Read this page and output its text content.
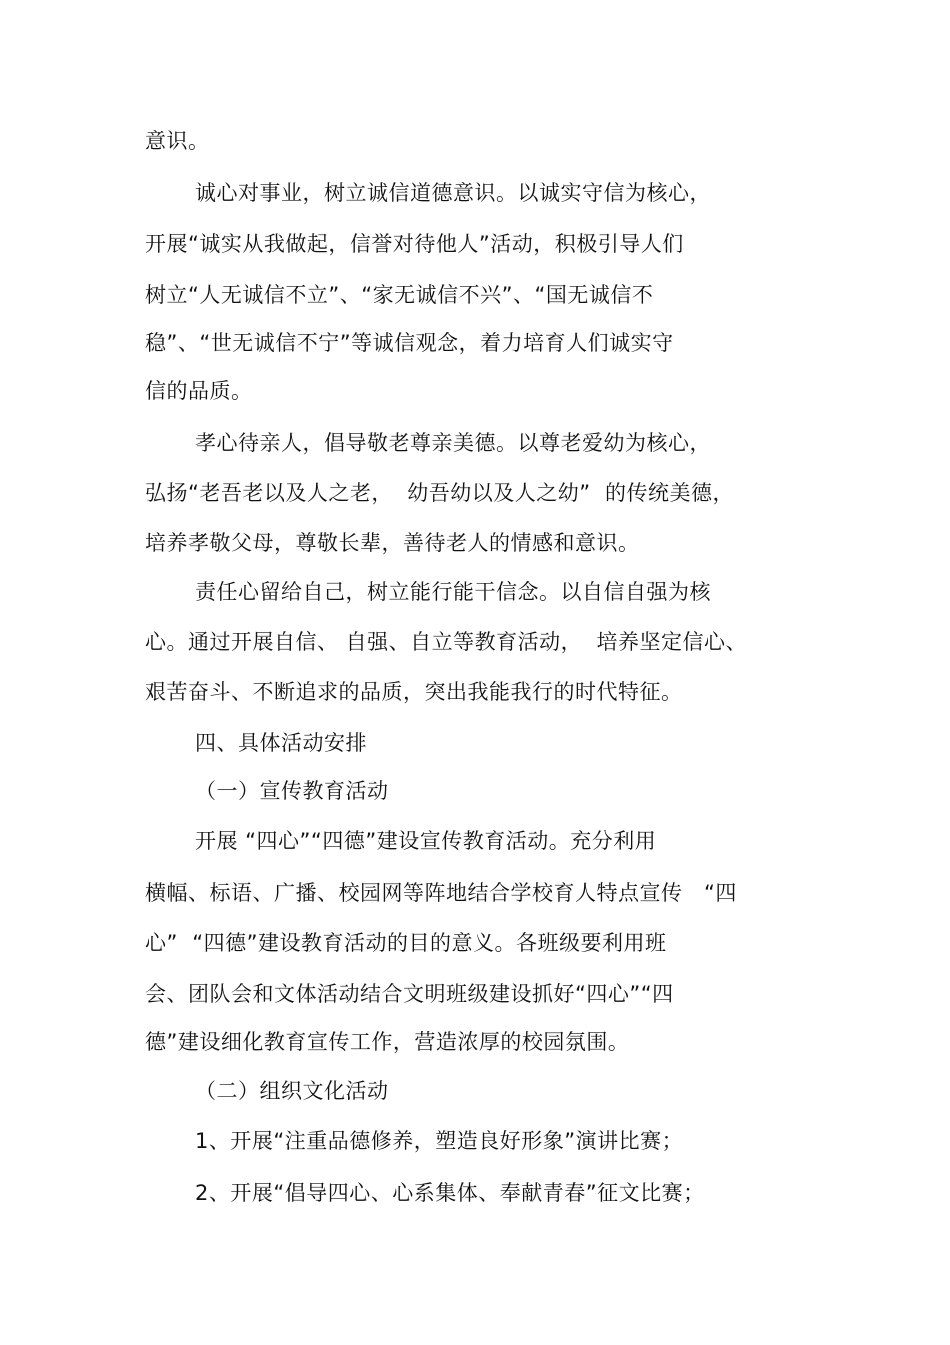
意识。
诚心对事业，树立诚信道德意识。以诚实守信为核心，
开展“诚实从我做起，信誉对待他人”活动，积极引导人们
树立“人无诚信不立”、“家无诚信不兴”、“国无诚信不
稳”、“世无诚信不宁”等诚信观念，着力培育人们诚实守
信的品质。
孝心待亲人，倡导敬老尊亲美德。以尊老爱幼为核心，
弘扬“老吾老以及人之老，  幼吾幼以及人之幼”  的传统美德，
培养孝敬父母，尊敬长辈，善待老人的情感和意识。
责任心留给自己，树立能行能干信念。以自信自强为核
心。通过开展自信、 自强、自立等教育活动，  培养坚定信心、
艰苦奋斗、不断追求的品质，突出我能我行的时代特征。
四、具体活动安排
（一）宣传教育活动
开展 “四心”“四德”建设宣传教育活动。充分利用
横幅、标语、广播、校园网等阵地结合学校育人特点宣传   “四
心”  “四德”建设教育活动的目的意义。各班级要利用班
会、团队会和文体活动结合文明班级建设抓好“四心”“四
德”建设细化教育宣传工作，营造浓厚的校园氛围。
（二）组织文化活动
1、开展“注重品德修养，塑造良好形象”演讲比赛；
2、开展“倡导四心、心系集体、奉献青春”征文比赛；
